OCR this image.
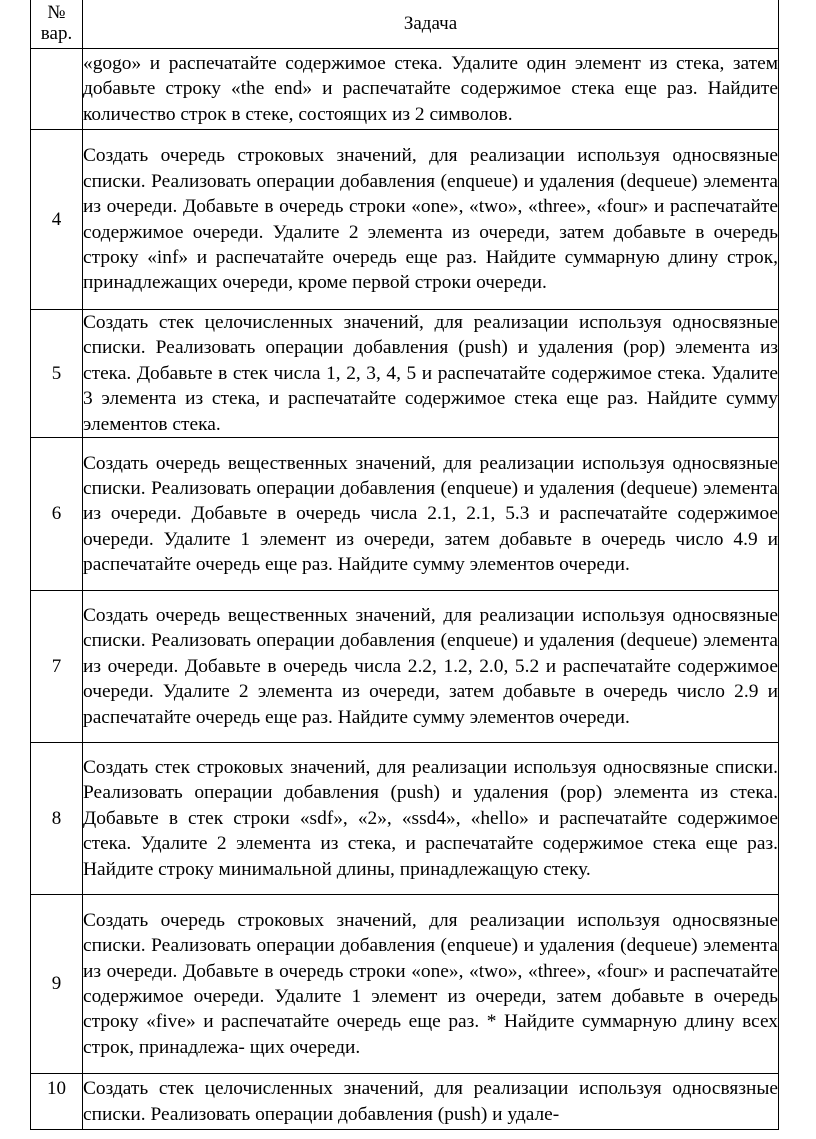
№
вар.	Задача
	«gogo» и распечатайте содержимое стека. Удалите один элемент из стека, затем добавьте строку «the end» и распечатайте содержимое стека еще раз. Найдите количество строк в стеке, состоящих из 2 символов.
4	Создать очередь строковых значений, для реализации используя односвязные списки. Реализовать операции добавления (enqueue) и удаления (dequeue) элемента из очереди. Добавьте в очередь строки «one», «two», «three», «four» и распечатайте содержимое очереди. Удалите 2 элемента из очереди, затем добавьте в очередь строку «inf» и распечатайте очередь еще раз. Найдите суммарную длину строк, принадлежащих очереди, кроме первой строки очереди.
5	Создать стек целочисленных значений, для реализации используя односвязные списки. Реализовать операции добавления (push) и удаления (pop) элемента из стека. Добавьте в стек числа 1, 2, 3, 4, 5 и распечатайте содержимое стека. Удалите 3 элемента из стека, и распечатайте содержимое стека еще раз. Найдите сумму элементов стека.
6	Создать очередь вещественных значений, для реализации используя односвязные списки. Реализовать операции добавления (enqueue) и удаления (dequeue) элемента из очереди. Добавьте в очередь числа 2.1, 2.1, 5.3 и распечатайте содержимое очереди. Удалите 1 элемент из очереди, затем добавьте в очередь число 4.9 и распечатайте очередь еще раз. Найдите сумму элементов очереди.
7	Создать очередь вещественных значений, для реализации используя односвязные списки. Реализовать операции добавления (enqueue) и удаления (dequeue) элемента из очереди. Добавьте в очередь числа 2.2, 1.2, 2.0, 5.2 и распечатайте содержимое очереди. Удалите 2 элемента из очереди, затем добавьте в очередь число 2.9 и распечатайте очередь еще раз. Найдите сумму элементов очереди.
8	Создать стек строковых значений, для реализации используя односвязные списки. Реализовать операции добавления (push) и удаления (pop) элемента из стека. Добавьте в стек строки «sdf», «2», «ssd4», «hello» и распечатайте содержимое стека. Удалите 2 элемента из стека, и распечатайте содержимое стека еще раз. Найдите строку минимальной длины, принадлежащую стеку.
9	Создать очередь строковых значений, для реализации используя односвязные списки. Реализовать операции добавления (enqueue) и удаления (dequeue) элемента из очереди. Добавьте в очередь строки «one», «two», «three», «four» и распечатайте содержимое очереди. Удалите 1 элемент из очереди, затем добавьте в очередь строку «five» и распечатайте очередь еще раз. * Найдите суммарную длину всех строк, принадлежа- щих очереди.
10	Создать стек целочисленных значений, для реализации используя односвязные списки. Реализовать операции добавления (push) и удале-
